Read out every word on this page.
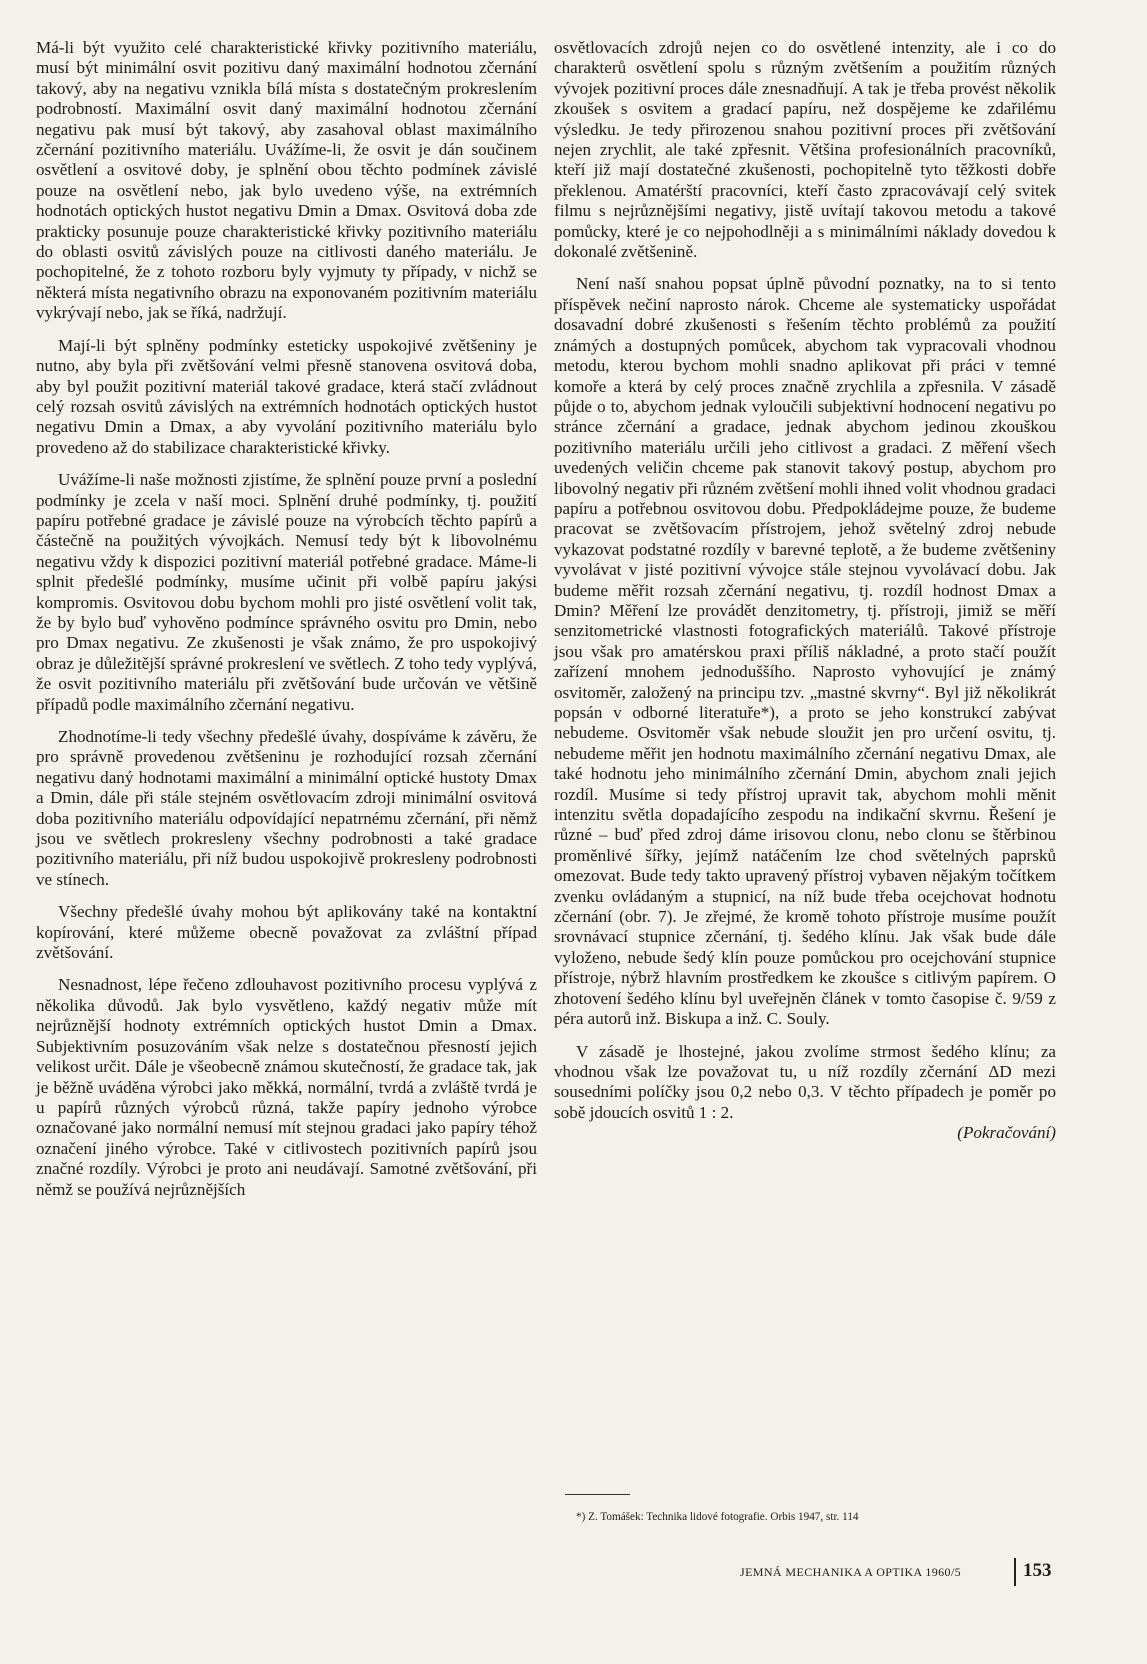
Má-li být využito celé charakteristické křivky pozitivního materiálu, musí být minimální osvit pozitivu daný maximální hodnotou zčernání takový, aby na negativu vznikla bílá místa s dostatečným prokreslením podrobností. Maximální osvit daný maximální hodnotou zčernání negativu pak musí být takový, aby zasahoval oblast maximálního zčernání pozitivního materiálu. Uvážíme-li, že osvit je dán součinem osvětlení a osvitové doby, je splnění obou těchto podmínek závislé pouze na osvětlení nebo, jak bylo uvedeno výše, na extrémních hodnotách optických hustot negativu Dmin a Dmax. Osvitová doba zde prakticky posunuje pouze charakteristické křivky pozitivního materiálu do oblasti osvitů závislých pouze na citlivosti daného materiálu. Je pochopitelné, že z tohoto rozboru byly vyjmuty ty případy, v nichž se některá místa negativního obrazu na exponovaném pozitivním materiálu vykrývají nebo, jak se říká, nadržují.

Mají-li být splněny podmínky esteticky uspokojivé zvětšeniny je nutno, aby byla při zvětšování velmi přesně stanovena osvitová doba, aby byl použit pozitivní materiál takové gradace, která stačí zvládnout celý rozsah osvitů závislých na extrémních hodnotách optických hustot negativu Dmin a Dmax, a aby vyvolání pozitivního materiálu bylo provedeno až do stabilizace charakteristické křivky.

Uvážíme-li naše možnosti zjistíme, že splnění pouze první a poslední podmínky je zcela v naší moci. Splnění druhé podmínky, tj. použití papíru potřebné gradace je závislé pouze na výrobcích těchto papírů a částečně na použitých vývojkách. Nemusí tedy být k libovolnému negativu vždy k dispozici pozitivní materiál potřebné gradace. Máme-li splnit předešlé podmínky, musíme učinit při volbě papíru jakýsi kompromis. Osvitovou dobu bychom mohli pro jisté osvětlení volit tak, že by bylo buď vyhověno podmínce správného osvitu pro Dmin, nebo pro Dmax negativu. Ze zkušenosti je však známo, že pro uspokojivý obraz je důležitější správné prokreslení ve světlech. Z toho tedy vyplývá, že osvit pozitivního materiálu při zvětšování bude určován ve většině případů podle maximálního zčernání negativu.

Zhodnotíme-li tedy všechny předešlé úvahy, dospíváme k závěru, že pro správně provedenou zvětšeninu je rozhodující rozsah zčernání negativu daný hodnotami maximální a minimální optické hustoty Dmax a Dmin, dále při stále stejném osvětlovacím zdroji minimální osvitová doba pozitivního materiálu odpovídající nepatrnému zčernání, při němž jsou ve světlech prokresleny všechny podrobnosti a také gradace pozitivního materiálu, při níž budou uspokojivě prokresleny podrobnosti ve stínech.

Všechny předešlé úvahy mohou být aplikovány také na kontaktní kopírování, které můžeme obecně považovat za zvláštní případ zvětšování.

Nesnadnost, lépe řečeno zdlouhavost pozitivního procesu vyplývá z několika důvodů. Jak bylo vysvětleno, každý negativ může mít nejrůznější hodnoty extrémních optických hustot Dmin a Dmax. Subjektivním posuzováním však nelze s dostatečnou přesností jejich velikost určit. Dále je všeobecně známou skutečností, že gradace tak, jak je běžně uváděna výrobci jako měkká, normální, tvrdá a zvláště tvrdá je u papírů různých výrobců různá, takže papíry jednoho výrobce označované jako normální nemusí mít stejnou gradaci jako papíry téhož označení jiného výrobce. Také v citlivostech pozitivních papírů jsou značné rozdíly. Výrobci je proto ani neudávají. Samotné zvětšování, při němž se používá nejrůznějších

osvětlovacích zdrojů nejen co do osvětlené intenzity, ale i co do charakterů osvětlení spolu s různým zvětšením a použitím různých vývojek pozitivní proces dále znesnadňují. A tak je třeba provést několik zkoušek s osvitem a gradací papíru, než dospějeme ke zdařilému výsledku. Je tedy přirozenou snahou pozitivní proces při zvětšování nejen zrychlit, ale také zpřesnit. Většina profesionálních pracovníků, kteří již mají dostatečné zkušenosti, pochopitelně tyto těžkosti dobře překlenou. Amatérští pracovníci, kteří často zpracovávají celý svitek filmu s nejrůznějšími negativy, jistě uvítají takovou metodu a takové pomůcky, které je co nejpohodlněji a s minimálními náklady dovedou k dokonalé zvětšenině.

Není naší snahou popsat úplně původní poznatky, na to si tento příspěvek nečiní naprosto nárok. Chceme ale systematicky uspořádat dosavadní dobré zkušenosti s řešením těchto problémů za použití známých a dostupných pomůcek, abychom tak vypracovali vhodnou metodu, kterou bychom mohli snadno aplikovat při práci v temné komoře a která by celý proces značně zrychlila a zpřesnila. V zásadě půjde o to, abychom jednak vyloučili subjektivní hodnocení negativu po stránce zčernání a gradace, jednak abychom jedinou zkouškou pozitivního materiálu určili jeho citlivost a gradaci. Z měření všech uvedených veličin chceme pak stanovit takový postup, abychom pro libovolný negativ při různém zvětšení mohli ihned volit vhodnou gradaci papíru a potřebnou osvitovou dobu. Předpokládejme pouze, že budeme pracovat se zvětšovacím přístrojem, jehož světelný zdroj nebude vykazovat podstatné rozdíly v barevné teplotě, a že budeme zvětšeniny vyvolávat v jisté pozitivní vývojce stále stejnou vyvolávací dobu. Jak budeme měřit rozsah zčernání negativu, tj. rozdíl hodnost Dmax a Dmin? Měření lze provádět denzitometry, tj. přístroji, jimiž se měří senzitometrické vlastnosti fotografických materiálů. Takové přístroje jsou však pro amatérskou praxi příliš nákladné, a proto stačí použít zařízení mnohem jednoduššího. Naprosto vyhovující je známý osvitoměr, založený na principu tzv. „mastné skvrny“. Byl již několikrát popsán v odborné literatuře*), a proto se jeho konstrukcí zabývat nebudeme. Osvitoměr však nebude sloužit jen pro určení osvitu, tj. nebudeme měřit jen hodnotu maximálního zčernání negativu Dmax, ale také hodnotu jeho minimálního zčernání Dmin, abychom znali jejich rozdíl. Musíme si tedy přístroj upravit tak, abychom mohli měnit intenzitu světla dopadajícího zespodu na indikační skvrnu. Řešení je různé – buď před zdroj dáme irisovou clonu, nebo clonu se štěrbinou proměnlivé šířky, jejímž natáčením lze chod světelných paprsků omezovat. Bude tedy takto upravený přístroj vybaven nějakým točítkem zvenku ovládaným a stupnicí, na níž bude třeba ocejchovat hodnotu zčernání (obr. 7). Je zřejmé, že kromě tohoto přístroje musíme použít srovnávací stupnice zčernání, tj. šedého klínu. Jak však bude dále vyloženo, nebude šedý klín pouze pomůckou pro ocejchování stupnice přístroje, nýbrž hlavním prostředkem ke zkoušce s citlivým papírem. O zhotovení šedého klínu byl uveřejněn článek v tomto časopise č. 9/59 z péra autorů inž. Biskupa a inž. C. Souly.

V zásadě je lhostejné, jakou zvolíme strmost šedého klínu; za vhodnou však lze považovat tu, u níž rozdíly zčernání ΔD mezi sousedními políčky jsou 0,2 nebo 0,3. V těchto případech je poměr po sobě jdoucích osvitů 1 : 2.

(Pokračování)

*) Z. Tomášek: Technika lidové fotografie. Orbis 1947, str. 114
JEMNÁ MECHANIKA A OPTIKA 1960/5	153
